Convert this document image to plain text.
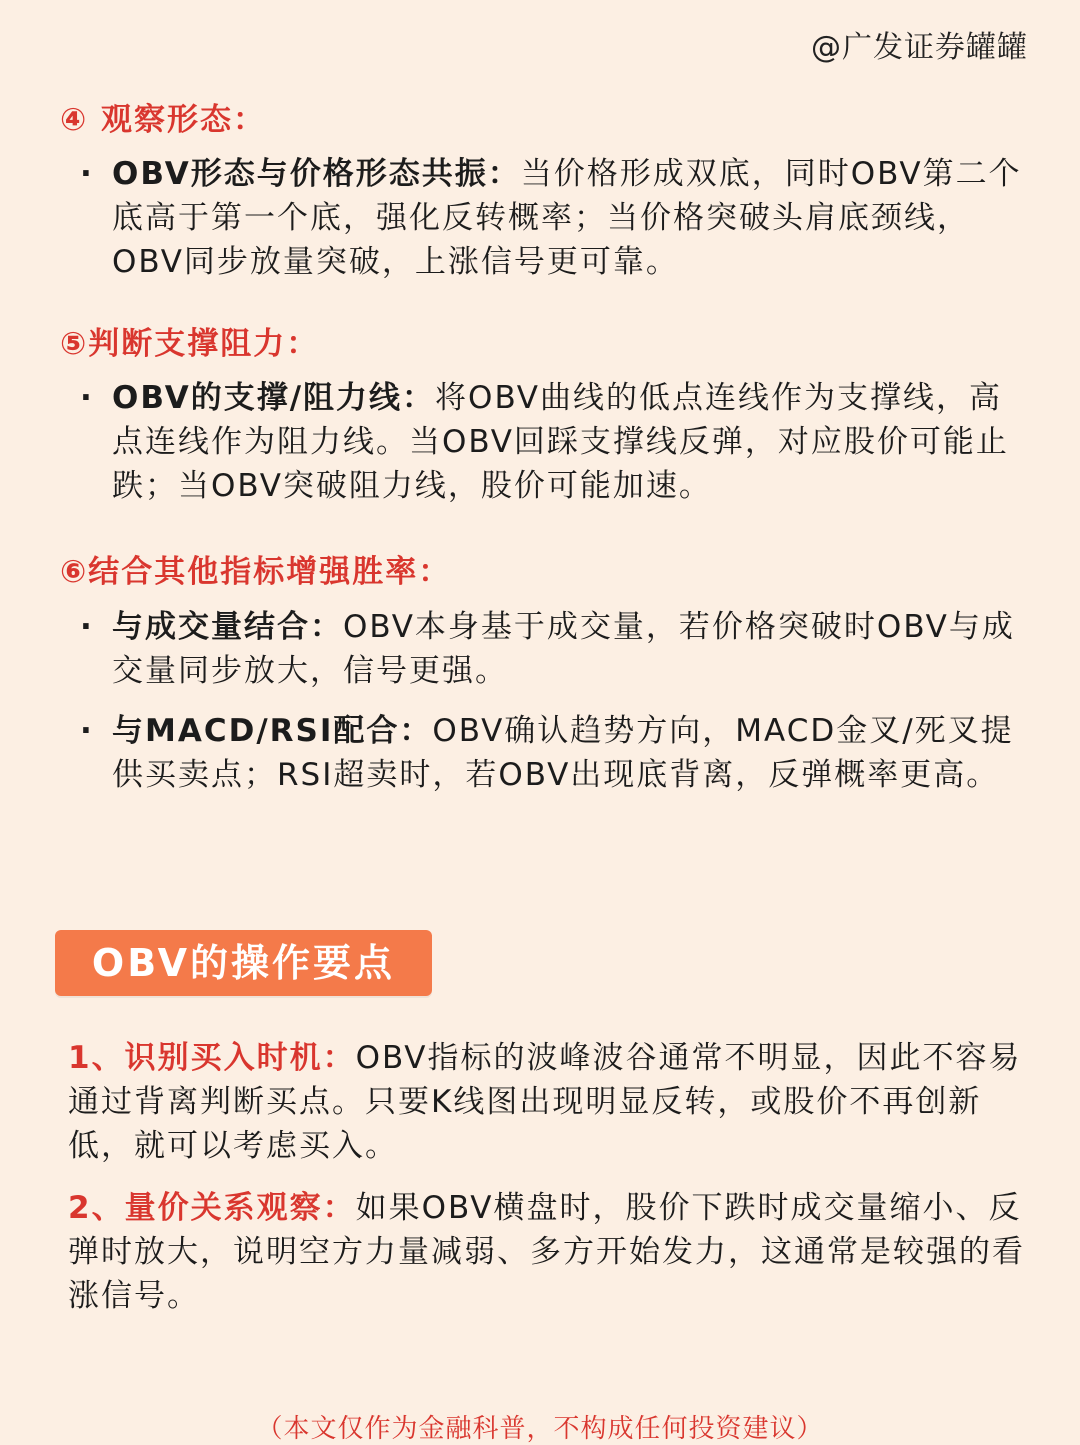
@广发证券罐罐
④ 观察形态：
· OBV形态与价格形态共振：当价格形成双底，同时OBV第二个底高于第一个底，强化反转概率；当价格突破头肩底颈线，OBV同步放量突破，上涨信号更可靠。
⑤判断支撑阻力：
· OBV的支撑/阻力线：将OBV曲线的低点连线作为支撑线，高点连线作为阻力线。当OBV回踩支撑线反弹，对应股价可能止跌；当OBV突破阻力线，股价可能加速。
⑥结合其他指标增强胜率：
· 与成交量结合：OBV本身基于成交量，若价格突破时OBV与成交量同步放大，信号更强。
· 与MACD/RSI配合：OBV确认趋势方向，MACD金叉/死叉提供买卖点；RSI超卖时，若OBV出现底背离，反弹概率更高。
OBV的操作要点
1、识别买入时机：OBV指标的波峰波谷通常不明显，因此不容易通过背离判断买点。只要K线图出现明显反转，或股价不再创新低，就可以考虑买入。
2、量价关系观察：如果OBV横盘时，股价下跌时成交量缩小、反弹时放大，说明空方力量减弱、多方开始发力，这通常是较强的看涨信号。
（本文仅作为金融科普，不构成任何投资建议）
